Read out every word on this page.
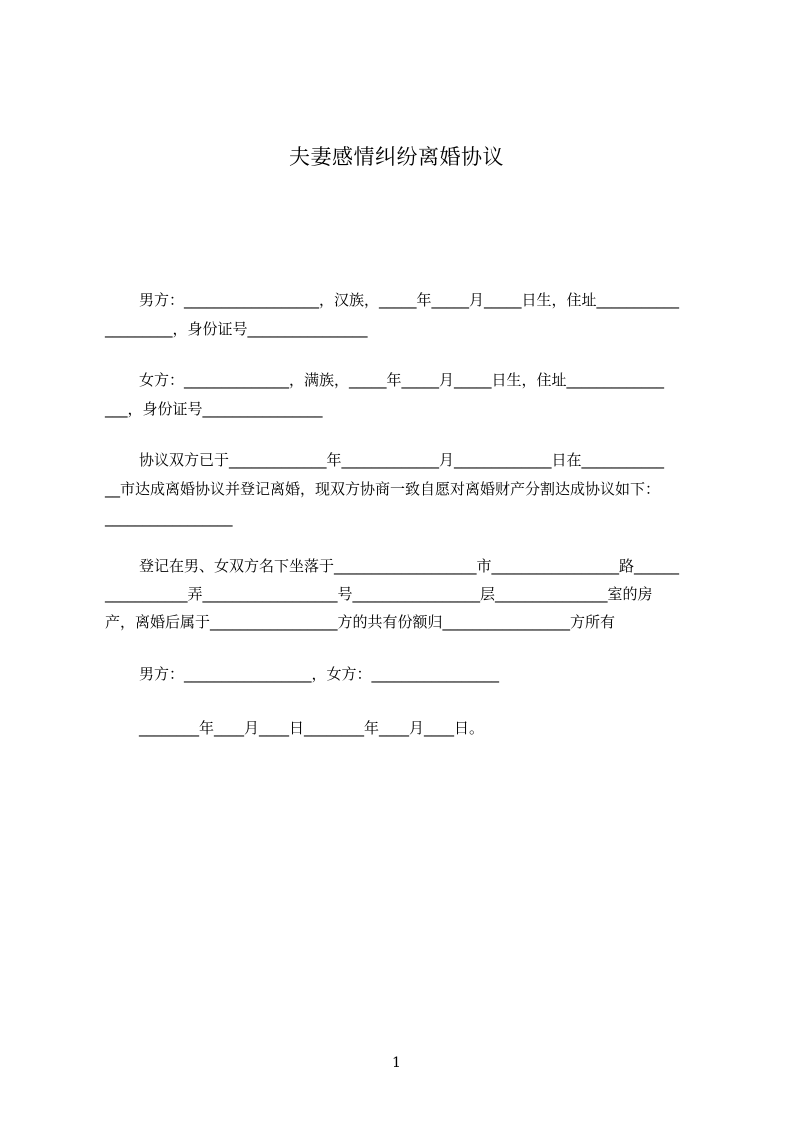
夫妻感情纠纷离婚协议
男方：__________________，汉族，_____年_____月_____日生，住址___________
_________，身份证号________________
女方：______________，满族，_____年_____月_____日生，住址_____________
___，身份证号________________
协议双方已于_____________年_____________月_____________日在___________
__市达成离婚协议并登记离婚，现双方协商一致自愿对离婚财产分割达成协议如下：
_________________
登记在男、女双方名下坐落于___________________市_________________路______
___________弄__________________号_________________层_______________室的房
产，离婚后属于_________________方的共有份额归_________________方所有
男方：_________________，女方：_________________
________年____月____日________年____月____日。
1
